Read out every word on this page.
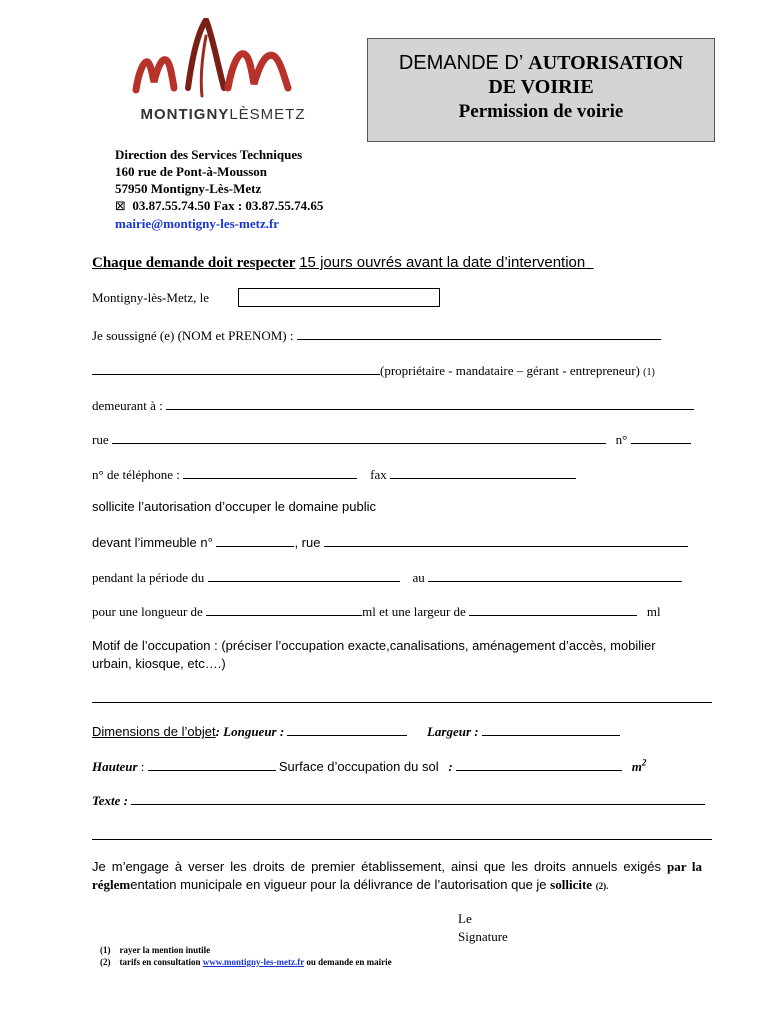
MONTIGNYLÈSMETZ
DEMANDE D’ AUTORISATION
DE VOIRIE
Permission de voirie
Direction des Services Techniques
160 rue de Pont-à-Mousson
57950 Montigny-Lès-Metz
⊠ 03.87.55.74.50 Fax : 03.87.55.74.65
mairie@montigny-les-metz.fr
Chaque demande doit respecter 15 jours ouvrés avant la date d’intervention
Montigny-lès-Metz, le
Je soussigné (e) (NOM et PRENOM) :
(propriétaire - mandataire – gérant - entrepreneur) (1)
demeurant à :
rue	n°
n° de téléphone :	fax
sollicite l’autorisation d’occuper le domaine public
devant l’immeuble n°	, rue
pendant la période du	au
pour une longueur de	ml et une largeur de	ml
Motif de l’occupation : (préciser l’occupation exacte,canalisations, aménagement d’accès, mobilier
urbain, kiosque, etc….)
Dimensions de l’objet: Longueur :	Largeur :
Hauteur :	Surface d’occupation du sol :	$m^2$
Texte :
Je m’engage à verser les droits de premier établissement, ainsi que les droits annuels exigés par la réglementation municipale en vigueur pour la délivrance de l’autorisation que je sollicite (2).
Le
Signature
(1) rayer la mention inutile
(2) tarifs en consultation www.montigny-les-metz.fr ou demande en mairie
